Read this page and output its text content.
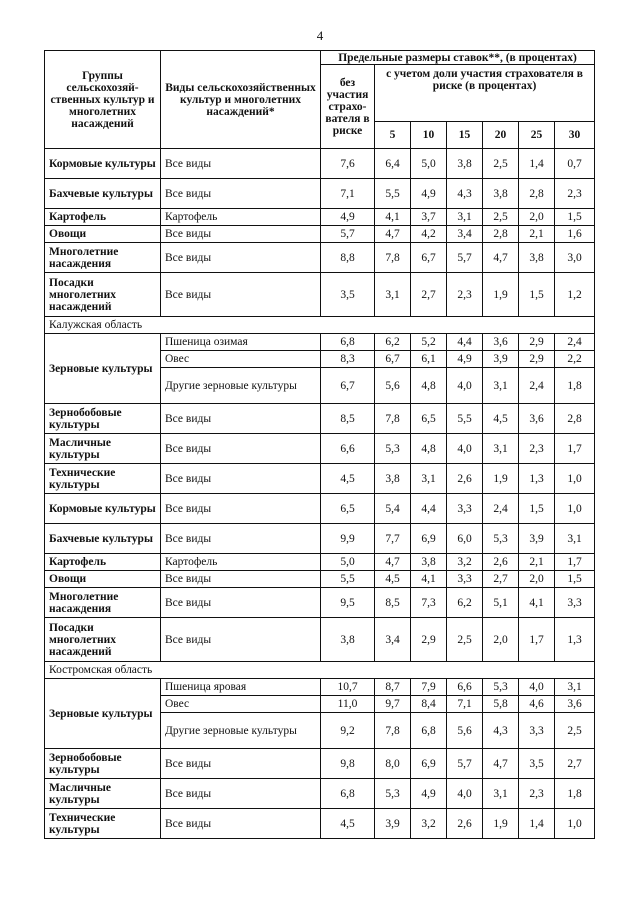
4
Группы сельскохозяй-ственных культур и многолетних насаждений	Виды сельскохозяйственных культур и многолетних насаждений*	Предельные размеры ставок**, (в процентах)						
		без участия страхо-вателя в риске	с учетом доли участия страхователя в риске (в процентах)					
			5	10	15	20	25	30
Кормовые культуры	Все виды	7,6	6,4	5,0	3,8	2,5	1,4	0,7
Бахчевые культуры	Все виды	7,1	5,5	4,9	4,3	3,8	2,8	2,3
Картофель	Картофель	4,9	4,1	3,7	3,1	2,5	2,0	1,5
Овощи	Все виды	5,7	4,7	4,2	3,4	2,8	2,1	1,6
Многолетние насаждения	Все виды	8,8	7,8	6,7	5,7	4,7	3,8	3,0
Посадки многолетних насаждений	Все виды	3,5	3,1	2,7	2,3	1,9	1,5	1,2
Калужская область								
Зерновые культуры	Пшеница озимая	6,8	6,2	5,2	4,4	3,6	2,9	2,4
	Овес	8,3	6,7	6,1	4,9	3,9	2,9	2,2
	Другие зерновые культуры	6,7	5,6	4,8	4,0	3,1	2,4	1,8
Зернобобовые культуры	Все виды	8,5	7,8	6,5	5,5	4,5	3,6	2,8
Масличные культуры	Все виды	6,6	5,3	4,8	4,0	3,1	2,3	1,7
Технические культуры	Все виды	4,5	3,8	3,1	2,6	1,9	1,3	1,0
Кормовые культуры	Все виды	6,5	5,4	4,4	3,3	2,4	1,5	1,0
Бахчевые культуры	Все виды	9,9	7,7	6,9	6,0	5,3	3,9	3,1
Картофель	Картофель	5,0	4,7	3,8	3,2	2,6	2,1	1,7
Овощи	Все виды	5,5	4,5	4,1	3,3	2,7	2,0	1,5
Многолетние насаждения	Все виды	9,5	8,5	7,3	6,2	5,1	4,1	3,3
Посадки многолетних насаждений	Все виды	3,8	3,4	2,9	2,5	2,0	1,7	1,3
Костромская область								
Зерновые культуры	Пшеница яровая	10,7	8,7	7,9	6,6	5,3	4,0	3,1
	Овес	11,0	9,7	8,4	7,1	5,8	4,6	3,6
	Другие зерновые культуры	9,2	7,8	6,8	5,6	4,3	3,3	2,5
Зернобобовые культуры	Все виды	9,8	8,0	6,9	5,7	4,7	3,5	2,7
Масличные культуры	Все виды	6,8	5,3	4,9	4,0	3,1	2,3	1,8
Технические культуры	Все виды	4,5	3,9	3,2	2,6	1,9	1,4	1,0
